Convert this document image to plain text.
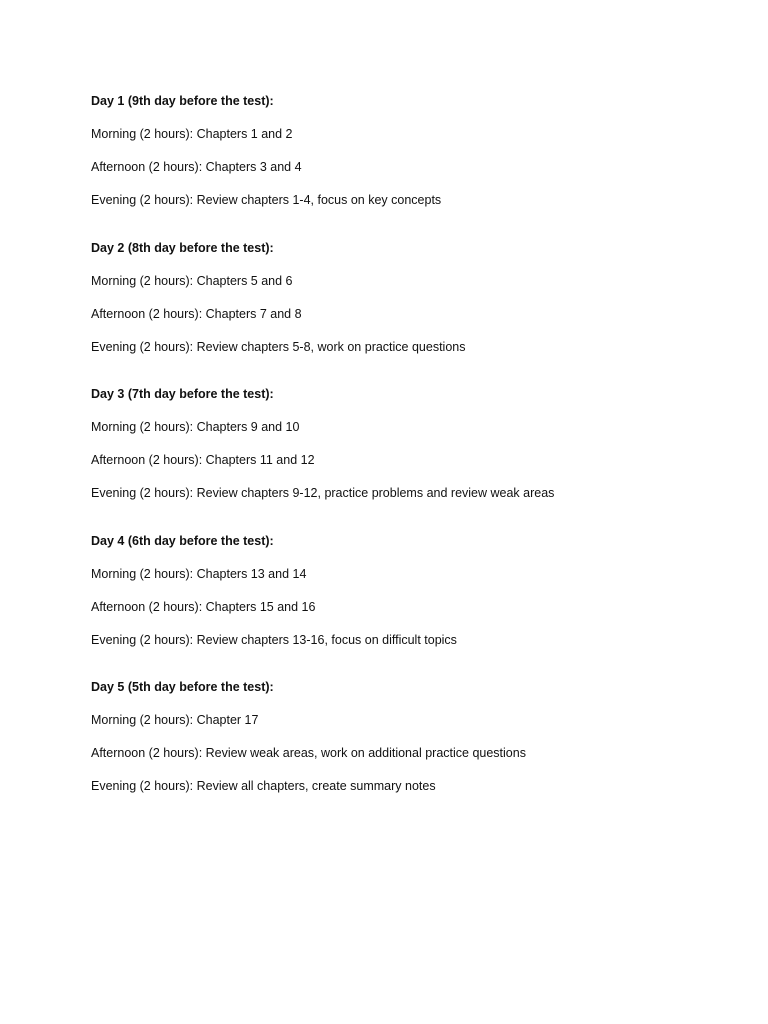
Day 1 (9th day before the test):
Morning (2 hours): Chapters 1 and 2
Afternoon (2 hours): Chapters 3 and 4
Evening (2 hours): Review chapters 1-4, focus on key concepts
Day 2 (8th day before the test):
Morning (2 hours): Chapters 5 and 6
Afternoon (2 hours): Chapters 7 and 8
Evening (2 hours): Review chapters 5-8, work on practice questions
Day 3 (7th day before the test):
Morning (2 hours): Chapters 9 and 10
Afternoon (2 hours): Chapters 11 and 12
Evening (2 hours): Review chapters 9-12, practice problems and review weak areas
Day 4 (6th day before the test):
Morning (2 hours): Chapters 13 and 14
Afternoon (2 hours): Chapters 15 and 16
Evening (2 hours): Review chapters 13-16, focus on difficult topics
Day 5 (5th day before the test):
Morning (2 hours): Chapter 17
Afternoon (2 hours): Review weak areas, work on additional practice questions
Evening (2 hours): Review all chapters, create summary notes
